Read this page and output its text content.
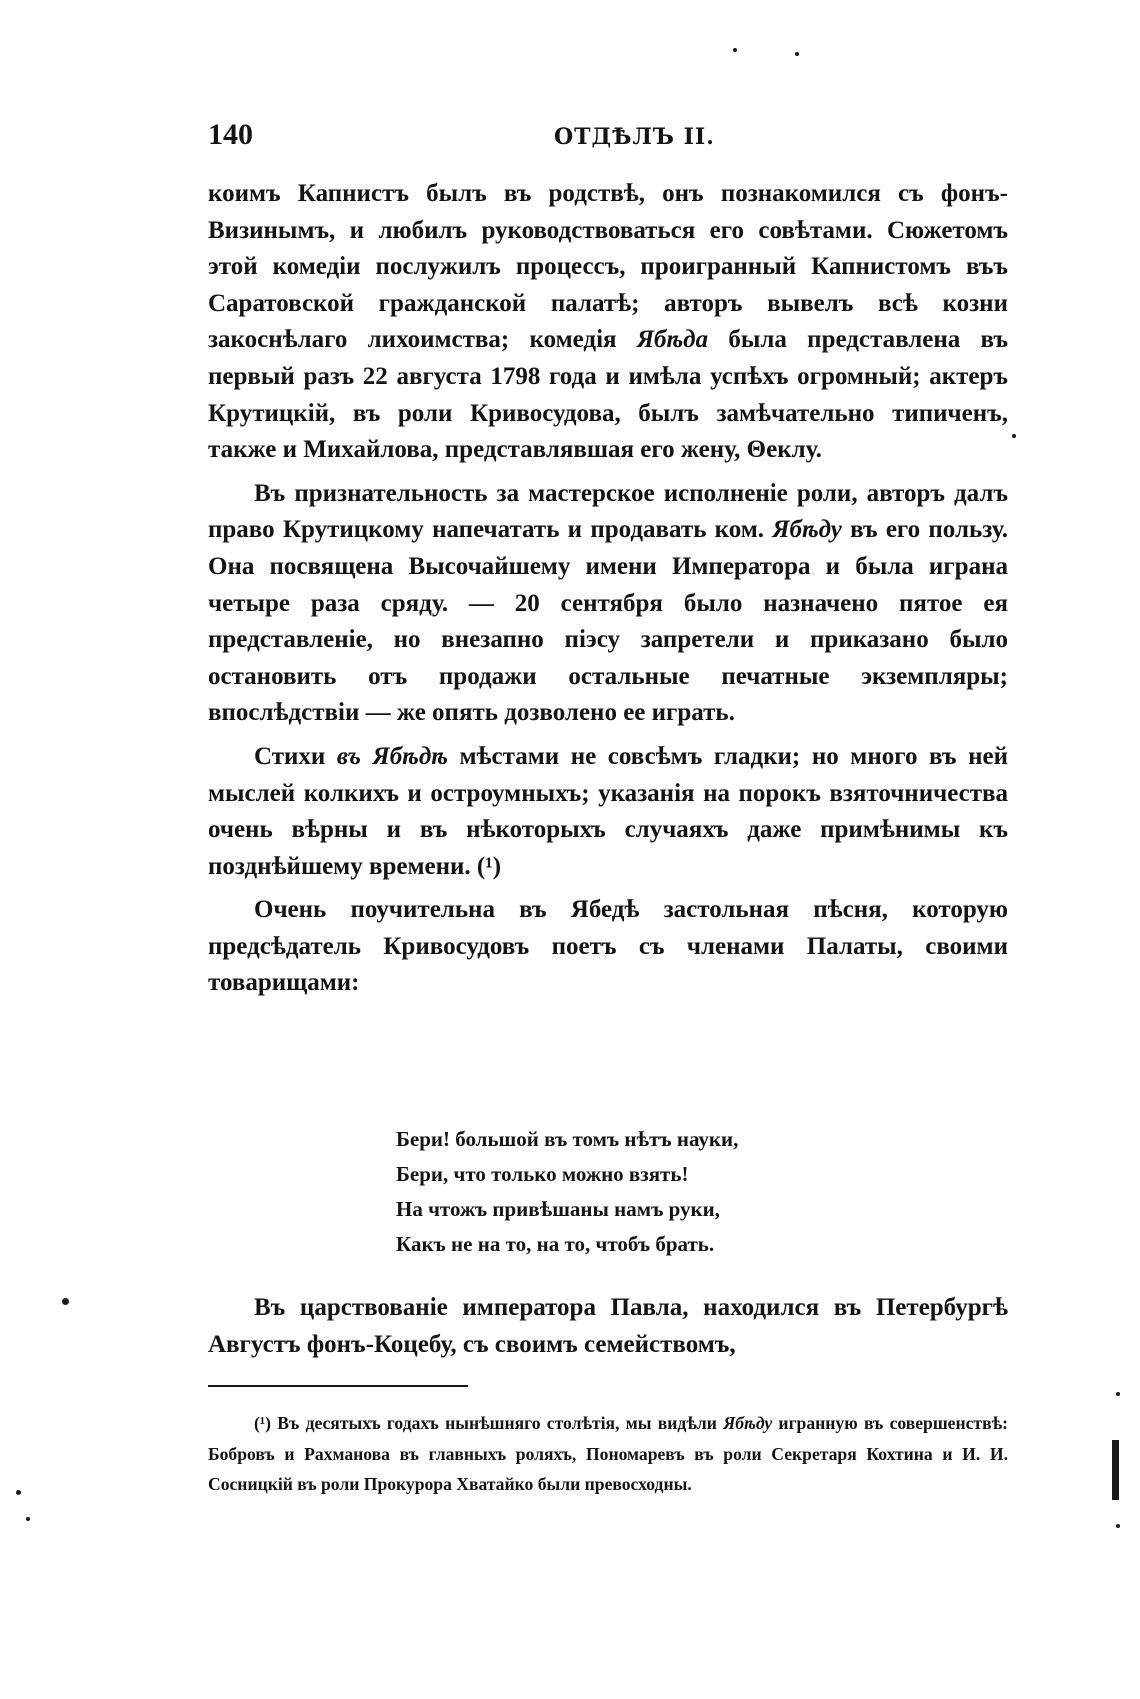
140	ОТДѢЛЪ II.

коимъ Капнистъ былъ въ родствѣ, онъ познакомился съ фонъ-Визинымъ, и любилъ руководствоваться его совѣтами. Сюжетомъ этой комедіи послужилъ процессъ, проигранный Капнистомъ въъ Саратовской гражданской палатѣ; авторъ вывелъ всѣ козни закоснѣлаго лихоимства; комедія Ябѣда была представлена въ первый разъ 22 августа 1798 года и имѣла успѣхъ огромный; актеръ Крутицкій, въ роли Кривосудова, былъ замѣчательно типиченъ, также и Михайлова, представлявшая его жену, Θеклу.

Въ признательность за мастерское исполненіе роли, авторъ далъ право Крутицкому напечатать и продавать ком. Ябѣду въ его пользу. Она посвящена Высочайшему имени Императора и была играна четыре раза сряду. — 20 сентября было назначено пятое ея представленіе, но внезапно піэсу запретели и приказано было остановить отъ продажи остальные печатные экземпляры; впослѣдствіи — же опять дозволено ее играть.

Стихи въ Ябѣдѣ мѣстами не совсѣмъ гладки; но много въ ней мыслей колкихъ и остроумныхъ; указанія на порокъ взяточничества очень вѣрны и въ нѣкоторыхъ случаяхъ даже примѣнимы къ позднѣйшему времени. (¹)

Очень поучительна въ Ябедѣ застольная пѣсня, которую предсѣдатель Кривосудовъ поетъ съ членами Палаты, своими товарищами:

Бери! большой въ томъ нѣтъ науки,
Бери, что только можно взять!
На чтожъ привѣшаны намъ руки,
Какъ не на то, на то, чтобъ брать.

Въ царствованіе императора Павла, находился въ Петербургѣ Августъ фонъ-Коцебу, съ своимъ семействомъ,

(¹) Въ десятыхъ годахъ нынѣшняго столѣтія, мы видѣли Ябѣду игранную въ совершенствѣ: Бобровъ и Рахманова въ главныхъ роляхъ, Пономаревъ въ роли Секретаря Кохтина и И. И. Сосницкій въ роли Прокурора Хватайко были превосходны.
